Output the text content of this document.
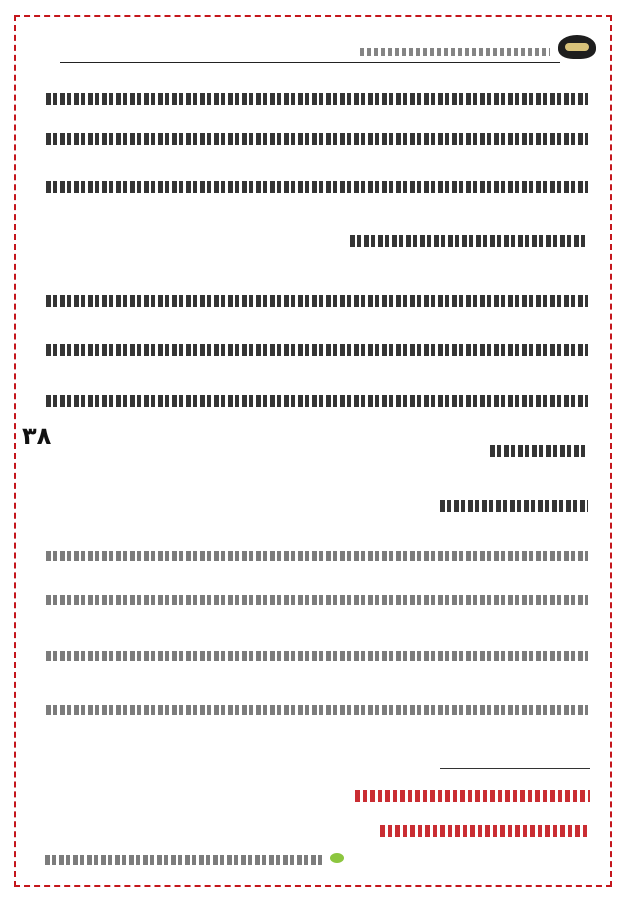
٣٨
